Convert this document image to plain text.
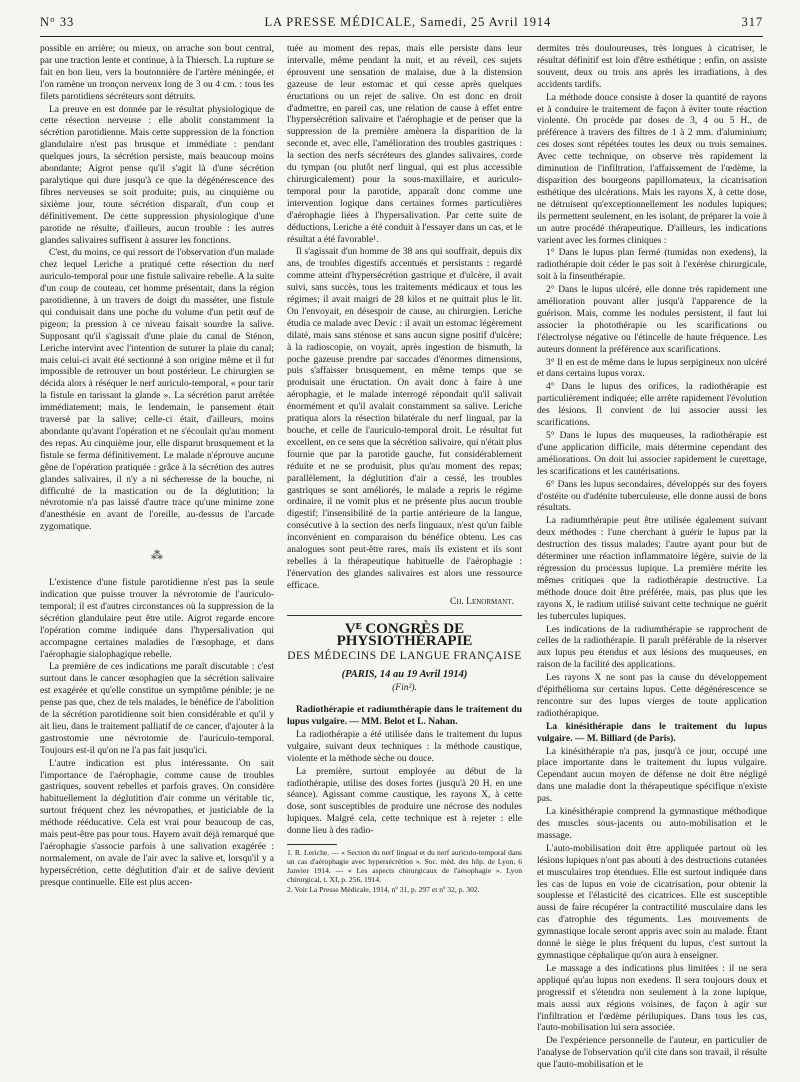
N° 33	LA PRESSE MÉDICALE, Samedi, 25 Avril 1914	317

possible en arrière; ou mieux, on arrache son bout central, par une traction lente et continue, à la Thiersch. La rupture se fait en bon lieu, vers la boutonnière de l'artère méningée, et l'on ramène un tronçon nerveux long de 3 ou 4 cm. : tous les filets parotidiens sécréteurs sont détruits.

La preuve en est donnée par le résultat physiologique de cette résection nerveuse : elle abolit constamment la sécrétion parotidienne. Mais cette suppression de la fonction glandulaire n'est pas brusque et immédiate : pendant quelques jours, la sécrétion persiste, mais beaucoup moins abondante; Aigrot pense qu'il s'agit là d'une sécrétion paralytique qui dure jusqu'à ce que la dégénérescence des fibres nerveuses se soit produite; puis, au cinquième ou sixième jour, toute sécrétion disparaît, d'un coup et définitivement. De cette suppression physiologique d'une parotide ne résulte, d'ailleurs, aucun trouble : les autres glandes salivaires suffisent à assurer les fonctions.

C'est, du moins, ce qui ressort de l'observation d'un malade chez lequel Leriche a pratiqué cette résection du nerf auriculo-temporal pour une fistule salivaire rebelle. A la suite d'un coup de couteau, cet homme présentait, dans la région parotidienne, à un travers de doigt du masséter, une fistule qui conduisait dans une poche du volume d'un petit œuf de pigeon; la pression à ce niveau faisait sourdre la salive. Supposant qu'il s'agissait d'une plaie du canal de Sténon, Leriche intervint avec l'intention de suturer la plaie du canal; mais celui-ci avait été sectionné à son origine même et il fut impossible de retrouver un bout postérieur. Le chirurgien se décida alors à réséquer le nerf auriculo-temporal, « pour tarir la fistule en tarissant la glande ». La sécrétion parut arrêtée immédiatement; mais, le lendemain, le pansement était traversé par la salive; celle-ci était, d'ailleurs, moins abondante qu'avant l'opération et ne s'écoulait qu'au moment des repas. Au cinquième jour, elle disparut brusquement et la fistule se ferma définitivement. Le malade n'éprouve aucune gêne de l'opération pratiquée : grâce à la sécrétion des autres glandes salivaires, il n'y a ni sécheresse de la bouche, ni difficulté de la mastication ou de la déglutition; la névrotomie n'a pas laissé d'autre trace qu'une minime zone d'anesthésie en avant de l'oreille, au-dessus de l'arcade zygomatique.

⁂

L'existence d'une fistule parotidienne n'est pas la seule indication que puisse trouver la névrotomie de l'auriculo-temporal; il est d'autres circonstances où la suppression de la sécrétion glandulaire peut être utile. Aigrot regarde encore l'opération comme indiquée dans l'hypersalivation qui accompagne certaines maladies de l'œsophage, et dans l'aérophagie sialophagique rebelle.

La première de ces indications me paraît discutable : c'est surtout dans le cancer œsophagien que la sécrétion salivaire est exagérée et qu'elle constitue un symptôme pénible; je ne pense pas que, chez de tels malades, le bénéfice de l'abolition de la sécrétion parotidienne soit bien considérable et qu'il y ait lieu, dans le traitement palliatif de ce cancer, d'ajouter à la gastrostomie une névrotomie de l'auriculo-temporal. Toujours est-il qu'on ne l'a pas fait jusqu'ici.

L'autre indication est plus intéressante. On sait l'importance de l'aérophagie, comme cause de troubles gastriques, souvent rebelles et parfois graves. On considère habituellement la déglutition d'air comme un véritable tic, surtout fréquent chez les névropathes, et justiciable de la méthode rééducative. Cela est vrai pour beaucoup de cas, mais peut-être pas pour tous. Hayem avait déjà remarqué que l'aérophagie s'associe parfois à une salivation exagérée : normalement, on avale de l'air avec la salive et, lorsqu'il y a hypersécrétion, cette déglutition d'air et de salive devient presque continuelle. Elle est plus accen-

tuée au moment des repas, mais elle persiste dans leur intervalle, même pendant la nuit, et au réveil, ces sujets éprouvent une sensation de malaise, due à la distension gazeuse de leur estomac et qui cesse après quelques éructations ou un rejet de salive. On est donc en droit d'admettre, en pareil cas, une relation de cause à effet entre l'hypersécrétion salivaire et l'aérophagie et de penser que la suppression de la première amènera la disparition de la seconde et, avec elle, l'amélioration des troubles gastriques : la section des nerfs sécréteurs des glandes salivaires, corde du tympan (ou plutôt nerf lingual, qui est plus accessible chirurgicalement) pour la sous-maxillaire, et auriculo-temporal pour la parotide, apparaît donc comme une intervention logique dans certaines formes particulières d'aérophagie liées à l'hypersalivation. Par cette suite de déductions, Leriche a été conduit à l'essayer dans un cas, et le résultat a été favorable¹.

Il s'agissait d'un homme de 38 ans qui souffrait, depuis dix ans, de troubles digestifs accentués et persistants : regardé comme atteint d'hypersécrétion gastrique et d'ulcère, il avait suivi, sans succès, tous les traitements médicaux et tous les régimes; il avait maigri de 28 kilos et ne quittait plus le lit. On l'envoyait, en désespoir de cause, au chirurgien. Leriche étudia ce malade avec Devic : il avait un estomac légèrement dilaté, mais sans sténose et sans aucun signe positif d'ulcère; à la radioscopie, on voyait, après ingestion de bismuth, la poche gazeuse prendre par saccades d'énormes dimensions, puis s'affaisser brusquement, en même temps que se produisait une éructation. On avait donc à faire à une aérophagie, et le malade interrogé répondait qu'il salivait énormément et qu'il avalait constamment sa salive. Leriche pratiqua alors la résection bilatérale du nerf lingual, par la bouche, et celle de l'auriculo-temporal droit. Le résultat fut excellent, en ce sens que la sécrétion salivaire, qui n'était plus fournie que par la parotide gauche, fut considérablement réduite et ne se produisit, plus qu'au moment des repas; parallèlement, la déglutition d'air a cessé, les troubles gastriques se sont améliorés, le malade a repris le régime ordinaire, il ne vomit plus et ne présente plus aucun trouble digestif; l'insensibilité de la partie antérieure de la langue, consécutive à la section des nerfs linguaux, n'est qu'un faible inconvénient en comparaison du bénéfice obtenu. Les cas analogues sont peut-être rares, mais ils existent et ils sont rebelles à la thérapeutique habituelle de l'aérophagie : l'énervation des glandes salivaires est alors une ressource efficace.

Ch. Lenormant.
Vᴱ CONGRÈS DE PHYSIOTHÉRAPIE
DES MÉDECINS DE LANGUE FRANÇAISE
(PARIS, 14 au 19 Avril 1914)
(Fin²).

Radiothérapie et radiumthérapie dans le traitement du lupus vulgaire. — MM. Belot et L. Nahan.

La radiothérapie a été utilisée dans le traitement du lupus vulgaire, suivant deux techniques : la méthode caustique, violente et la méthode sèche ou douce.

La première, surtout employée au début de la radiothérapie, utilise des doses fortes (jusqu'à 20 H. en une séance). Agissant comme caustique, les rayons X, à cette dose, sont susceptibles de produire une nécrose des nodules lupiques. Malgré cela, cette technique est à rejeter : elle donne lieu à des radio-

1. R. Leriche. — « Section du nerf lingual et du nerf auriculo-temporal dans un cas d'aérophagie avec hypersécrétion ». Soc. méd. des hôp. de Lyon, 6 Janvier 1914. — « Les aspects chirurgicaux de l'aésophagie ». Lyon chirurgical, t. XI, p. 256, 1914.

2. Voir La Presse Médicale, 1914, nº 31, p. 297 et nº 32, p. 302.

dermites très douloureuses, très longues à cicatriser, le résultat définitif est loin d'être esthétique ; enfin, on assiste souvent, deux ou trois ans après les irradiations, à des accidents tardifs.

La méthode douce consiste à doser la quantité de rayons et à conduire le traitement de façon à éviter toute réaction violente. On procède par doses de 3, 4 ou 5 H., de préférence à travers des filtres de 1 à 2 mm. d'aluminium; ces doses sont répétées toutes les deux ou trois semaines. Avec cette technique, on observe très rapidement la diminution de l'infiltration, l'affaissement de l'œdème, la disparition des bourgeons papillomateux, la cicatrisation esthétique des ulcérations. Mais les rayons X, à cette dose, ne détruisent qu'exceptionnellement les nodules lupiques; ils permettent seulement, en les isolant, de préparer la voie à un autre procédé thérapeutique. D'ailleurs, les indications varient avec les formes cliniques :

1° Dans le lupus plan fermé (tumidas non exedens), la radiothérapie doit céder le pas soit à l'exérèse chirurgicale, soit à la finsenthérapie.

2° Dans le lupus ulcéré, elle donne très rapidement une amélioration pouvant aller jusqu'à l'apparence de la guérison. Mais, comme les nodules persistent, il faut lui associer la photothérapie ou les scarifications ou l'électrolyse négative ou l'étincelle de haute fréquence. Les auteurs donnent la préférence aux scarifications.

3° Il en est de même dans le lupus serpigineux non ulcéré et dans certains lupus vorax.

4° Dans le lupus des orifices, la radiothérapie est particulièrement indiquée; elle arrête rapidement l'évolution des lésions. Il convient de lui associer aussi les scarifications.

5° Dans le lupus des muqueuses, la radiothérapie est d'une application difficile, mais détermine cependant des améliorations. On doit lui associer rapidement le curettage, les scarifications et les cautérisations.

6° Dans les lupus secondaires, développés sur des foyers d'ostéite ou d'adénite tuberculeuse, elle donne aussi de bons résultats.

La radiumthérapie peut être utilisée également suivant deux méthodes : l'une cherchant à guérir le lupus par la destruction des tissus malades; l'autre ayant pour but de déterminer une réaction inflammatoire légère, suivie de la régression du processus lupique. La première mérite les mêmes critiques que la radiothérapie destructive. La méthode douce doit être préférée, mais, pas plus que les rayons X, le radium utilisé suivant cette technique ne guérit les tubercules lupiques.

Les indications de la radiumthérapie se rapprochent de celles de la radiothérapie. Il paraît préférable de la réserver aux lupus peu étendus et aux lésions des muqueuses, en raison de la facilité des applications.

Les rayons X ne sont pas la cause du développement d'épithélioma sur certains lupus. Cette dégénérescence se rencontre sur des lupus vierges de toute application radiothérapique.

La kinésithérapie dans le traitement du lupus vulgaire. — M. Billiard (de Paris).

La kinésithérapie n'a pas, jusqu'à ce jour, occupé une place importante dans le traitement du lupus vulgaire. Cependant aucun moyen de défense ne doit être négligé dans une maladie dont la thérapeutique spécifique n'existe pas.

La kinésithérapie comprend la gymnastique méthodique des muscles sous-jacents ou auto-mobilisation et le massage.

L'auto-mobilisation doit être appliquée partout où les lésions lupiques n'ont pas abouti à des destructions cutanées et musculaires trop étendues. Elle est surtout indiquée dans les cas de lupus en voie de cicatrisation, pour obtenir la souplesse et l'élasticité des cicatrices. Elle est susceptible aussi de faire récupérer la contractilité musculaire dans les cas d'atrophie des téguments. Les mouvements de gymnastique locale seront appris avec soin au malade. Étant donné le siège le plus fréquent du lupus, c'est surtout la gymnastique céphalique qu'on aura à enseigner.

Le massage a des indications plus limitées : il ne sera appliqué qu'au lupus non exedens. Il sera toujours doux et progressif et s'étendra non seulement à la zone lupique, mais aussi aux régions voisines, de façon à agir sur l'infiltration et l'œdème périlupiques. Dans tous les cas, l'auto-mobilisation lui sera associée.

De l'expérience personnelle de l'auteur, en particulier de l'analyse de l'observation qu'il cite dans son travail, il résulte que l'auto-mobilisation et le
